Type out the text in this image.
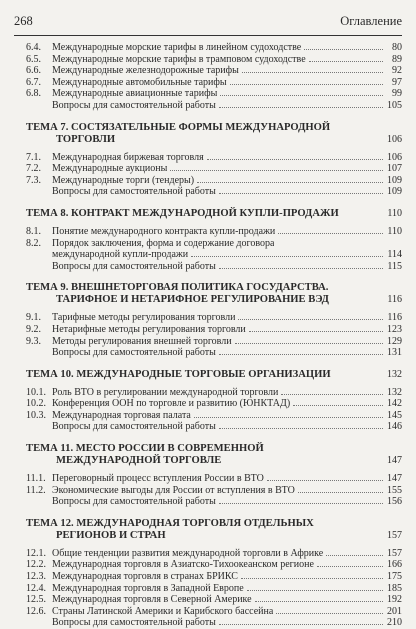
268	Оглавление
6.4.	Международные морские тарифы в линейном судоходстве	80
6.5.	Международные морские тарифы в трамповом судоходстве	89
6.6.	Международные железнодорожные тарифы	92
6.7.	Международные автомобильные тарифы	97
6.8.	Международные авиационные тарифы	99
Вопросы для самостоятельной работы	105
ТЕМА 7. СОСТЯЗАТЕЛЬНЫЕ ФОРМЫ МЕЖДУНАРОДНОЙ
ТОРГОВЛИ	106
7.1.	Международная биржевая торговля	106
7.2.	Международные аукционы	107
7.3.	Международные торги (тендеры)	109
Вопросы для самостоятельной работы	109
ТЕМА 8. КОНТРАКТ МЕЖДУНАРОДНОЙ КУПЛИ-ПРОДАЖИ	110
8.1.	Понятие международного контракта купли-продажи	110
8.2.	Порядок заключения, форма и содержание договора
международной купли-продажи	114
Вопросы для самостоятельной работы	115
ТЕМА 9. ВНЕШНЕТОРГОВАЯ ПОЛИТИКА ГОСУДАРСТВА.
ТАРИФНОЕ И НЕТАРИФНОЕ РЕГУЛИРОВАНИЕ ВЭД	116
9.1.	Тарифные методы регулирования торговли	116
9.2.	Нетарифные методы регулирования торговли	123
9.3.	Методы регулирования внешней торговли	129
Вопросы для самостоятельной работы	131
ТЕМА 10. МЕЖДУНАРОДНЫЕ ТОРГОВЫЕ ОРГАНИЗАЦИИ	132
10.1. Роль ВТО в регулировании международной торговли	132
10.2. Конференция ООН по торговле и развитию (ЮНКТАД)	142
10.3. Международная торговая палата	145
Вопросы для самостоятельной работы	146
ТЕМА 11. МЕСТО РОССИИ В СОВРЕМЕННОЙ
МЕЖДУНАРОДНОЙ ТОРГОВЛЕ	147
11.1. Переговорный процесс вступления России в ВТО	147
11.2. Экономические выгоды для России от вступления в ВТО	155
Вопросы для самостоятельной работы	156
ТЕМА 12. МЕЖДУНАРОДНАЯ ТОРГОВЛЯ ОТДЕЛЬНЫХ
РЕГИОНОВ И СТРАН	157
12.1. Общие тенденции развития международной торговли в Африке	157
12.2. Международная торговля в Азиатско-Тихоокеанском регионе	166
12.3. Международная торговля в странах БРИКС	175
12.4. Международная торговля в Западной Европе	185
12.5. Международная торговля в Северной Америке	192
12.6. Страны Латинской Америки и Карибского бассейна	201
Вопросы для самостоятельной работы	210
